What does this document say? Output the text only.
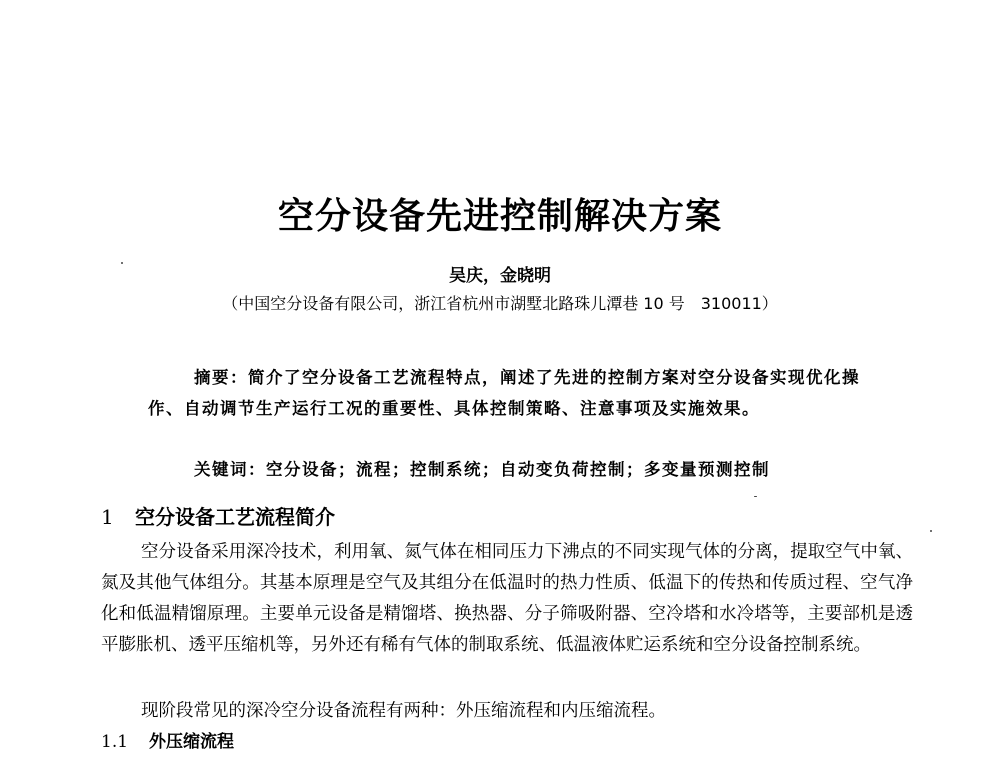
空分设备先进控制解决方案
吴庆，金晓明
（中国空分设备有限公司，浙江省杭州市湖墅北路珠儿潭巷 10 号　310011）
摘要：简介了空分设备工艺流程特点，阐述了先进的控制方案对空分设备实现优化操作、自动调节生产运行工况的重要性、具体控制策略、注意事项及实施效果。
关键词：空分设备；流程；控制系统；自动变负荷控制；多变量预测控制
1 空分设备工艺流程简介
空分设备采用深冷技术，利用氧、氮气体在相同压力下沸点的不同实现气体的分离，提取空气中氧、氮及其他气体组分。其基本原理是空气及其组分在低温时的热力性质、低温下的传热和传质过程、空气净化和低温精馏原理。主要单元设备是精馏塔、换热器、分子筛吸附器、空冷塔和水冷塔等，主要部机是透平膨胀机、透平压缩机等，另外还有稀有气体的制取系统、低温液体贮运系统和空分设备控制系统。
现阶段常见的深冷空分设备流程有两种：外压缩流程和内压缩流程。
1.1 外压缩流程
